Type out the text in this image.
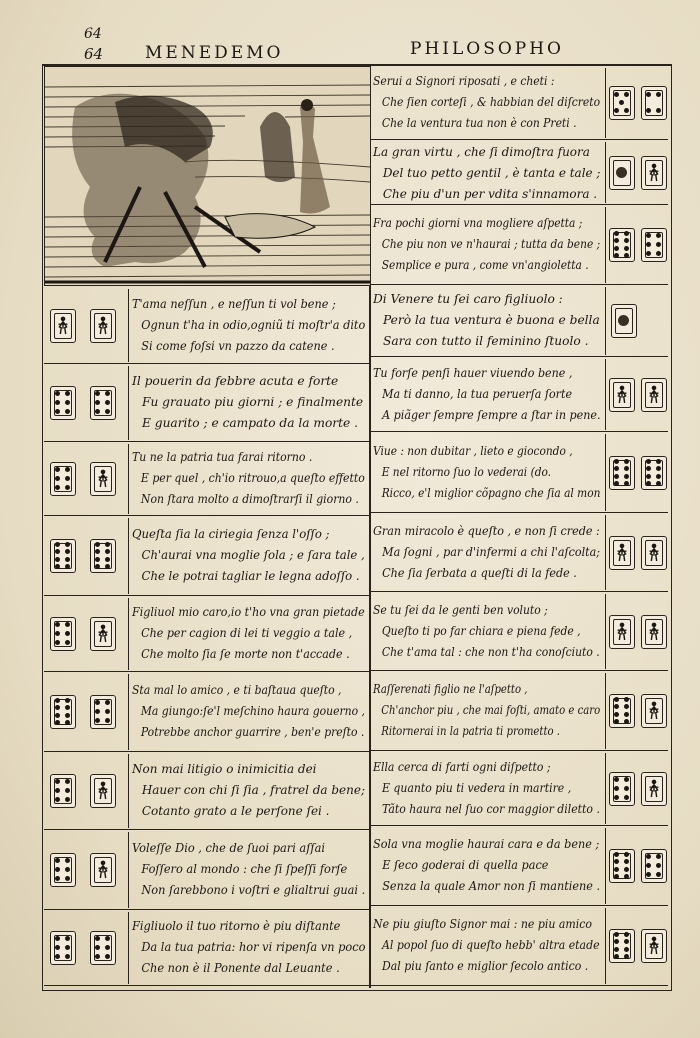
64
64 MENEDEMO	PHILOSOPHO
T'ama neſſun , e neſſun ti vol bene ;
Ognun t'ha in odio,ogniũ ti moſtr'a dito
Si come foſsi vn pazzo da catene .
Il pouerin da febbre acuta e forte
Fu grauato piu giorni ; e finalmente
E guarito ; e campato da la morte .
Tu ne la patria tua farai ritorno .
E per quel , ch'io ritrouo,a queſto effetto
Non ſtara molto a dimoſtrarſi il giorno .
Queſta ſia la ciriegia ſenza l'oſſo ;
Ch'aurai vna moglie ſola ; e ſara tale ,
Che le potrai tagliar le legna adoſſo .
Figliuol mio caro,io t'ho vna gran pietade
Che per cagion di lei ti veggio a tale ,
Che molto ſia ſe morte non t'accade .
Sta mal lo amico , e ti baſtaua queſto ,
Ma giungo:ſe'l meſchino haura gouerno ,
Potrebbe anchor guarrire , ben'e preſto .
Non mai litigio o inimicitia dei
Hauer con chi ſi ſia , fratrel da bene;
Cotanto grato a le perſone ſei .
Voleſſe Dio , che de ſuoi pari aſſai
Foſſero al mondo : che ſi ſpeſſi forſe
Non ſarebbono i voſtri e glialtrui guai .
Figliuolo il tuo ritorno è piu diſtante
Da la tua patria: hor vi ripenſa vn poco
Che non è il Ponente dal Leuante .
Serui a Signori riposati , e cheti :
Che ſien corteſi , & habbian del diſcreto
Che la ventura tua non è con Preti .
La gran virtu , che ſi dimoſtra fuora
Del tuo petto gentil , è tanta e tale ;
Che piu d'un per vdita s'innamora .
Fra pochi giorni vna mogliere aſpetta ;
Che piu non ve n'haurai ; tutta da bene ;
Semplice e pura , come vn'angioletta .
Di Venere tu ſei caro figliuolo :
Però la tua ventura è buona e bella
Sara con tutto il feminino ſtuolo .
Tu forſe penſi hauer viuendo bene ,
Ma ti danno, la tua peruerſa ſorte
A piãger ſempre ſempre a ſtar in pene.
Viue : non dubitar , lieto e giocondo ,
E nel ritorno ſuo lo vederai (do.
Ricco, e'l miglior cõpagno che ſia al mon
Gran miracolo è queſto , e non ſi crede :
Ma ſogni , par d'infermi a chi l'aſcolta;
Che ſia ſerbata a queſti di la fede .
Se tu ſei da le genti ben voluto ;
Queſto ti po far chiara e piena fede ,
Che t'ama tal : che non t'ha conoſciuto .
Raſſerenati figlio ne l'aſpetto ,
Ch'anchor piu , che mai foſti, amato e caro
Ritornerai in la patria ti prometto .
Ella cerca di farti ogni diſpetto ;
E quanto piu ti vedera in martire ,
Tãto haura nel ſuo cor maggior diletto .
Sola vna moglie haurai cara e da bene ;
E ſeco goderai di quella pace
Senza la quale Amor non ſi mantiene .
Ne piu giuſto Signor mai : ne piu amico
Al popol ſuo di queſto hebb' altra etade
Dal piu ſanto e miglior ſecolo antico .
